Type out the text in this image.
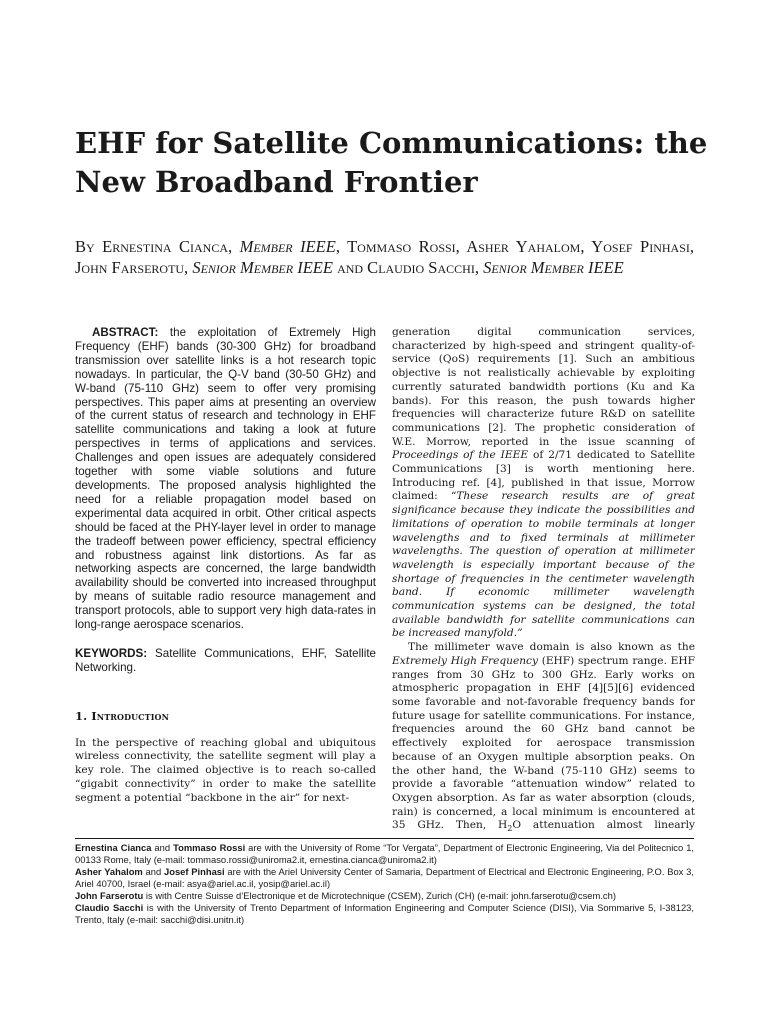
EHF for Satellite Communications: the New Broadband Frontier

By Ernestina Cianca, Member IEEE, Tommaso Rossi, Asher Yahalom, Yosef Pinhasi, John Farserotu, Senior Member IEEE and Claudio Sacchi, Senior Member IEEE

ABSTRACT: the exploitation of Extremely High Frequency (EHF) bands (30-300 GHz) for broadband transmission over satellite links is a hot research topic nowadays. In particular, the Q-V band (30-50 GHz) and W-band (75-110 GHz) seem to offer very promising perspectives. This paper aims at presenting an overview of the current status of research and technology in EHF satellite communications and taking a look at future perspectives in terms of applications and services. Challenges and open issues are adequately considered together with some viable solutions and future developments. The proposed analysis highlighted the need for a reliable propagation model based on experimental data acquired in orbit. Other critical aspects should be faced at the PHY-layer level in order to manage the tradeoff between power efficiency, spectral efficiency and robustness against link distortions. As far as networking aspects are concerned, the large bandwidth availability should be converted into increased throughput by means of suitable radio resource management and transport protocols, able to support very high data-rates in long-range aerospace scenarios.

KEYWORDS: Satellite Communications, EHF, Satellite Networking.

1. Introduction

In the perspective of reaching global and ubiquitous wireless connectivity, the satellite segment will play a key role. The claimed objective is to reach so-called “gigabit connectivity” in order to make the satellite segment a potential “backbone in the air” for next-

generation digital communication services, characterized by high-speed and stringent quality-of-service (QoS) requirements [1]. Such an ambitious objective is not realistically achievable by exploiting currently saturated bandwidth portions (Ku and Ka bands). For this reason, the push towards higher frequencies will characterize future R&D on satellite communications [2]. The prophetic consideration of W.E. Morrow, reported in the issue scanning of Proceedings of the IEEE of 2/71 dedicated to Satellite Communications [3] is worth mentioning here. Introducing ref. [4], published in that issue, Morrow claimed: “These research results are of great significance because they indicate the possibilities and limitations of operation to mobile terminals at longer wavelengths and to fixed terminals at millimeter wavelengths. The question of operation at millimeter wavelength is especially important because of the shortage of frequencies in the centimeter wavelength band. If economic millimeter wavelength communication systems can be designed, the total available bandwidth for satellite communications can be increased manyfold.”

The millimeter wave domain is also known as the Extremely High Frequency (EHF) spectrum range. EHF ranges from 30 GHz to 300 GHz. Early works on atmospheric propagation in EHF [4][5][6] evidenced some favorable and not-favorable frequency bands for future usage for satellite communications. For instance, frequencies around the 60 GHz band cannot be effectively exploited for aerospace transmission because of an Oxygen multiple absorption peaks. On the other hand, the W-band (75-110 GHz) seems to provide a favorable “attenuation window” related to Oxygen absorption. As far as water absorption (clouds, rain) is concerned, a local minimum is encountered at 35 GHz. Then, $H_2O$ attenuation almost linearly

Ernestina Cianca and Tommaso Rossi are with the University of Rome “Tor Vergata”, Department of Electronic Engineering, Via del Politecnico 1, 00133 Rome, Italy (e-mail: tommaso.rossi@uniroma2.it, ernestina.cianca@uniroma2.it)

Asher Yahalom and Josef Pinhasi are with the Ariel University Center of Samaria, Department of Electrical and Electronic Engineering, P.O. Box 3, Ariel 40700, Israel (e-mail: asya@ariel.ac.il, yosip@ariel.ac.il)

John Farserotu is with Centre Suisse d’Electronique et de Microtechnique (CSEM), Zurich (CH) (e-mail: john.farserotu@csem.ch)

Claudio Sacchi is with the University of Trento Department of Information Engineering and Computer Science (DISI), Via Sommarive 5, I-38123, Trento, Italy (e-mail: sacchi@disi.unitn.it)
